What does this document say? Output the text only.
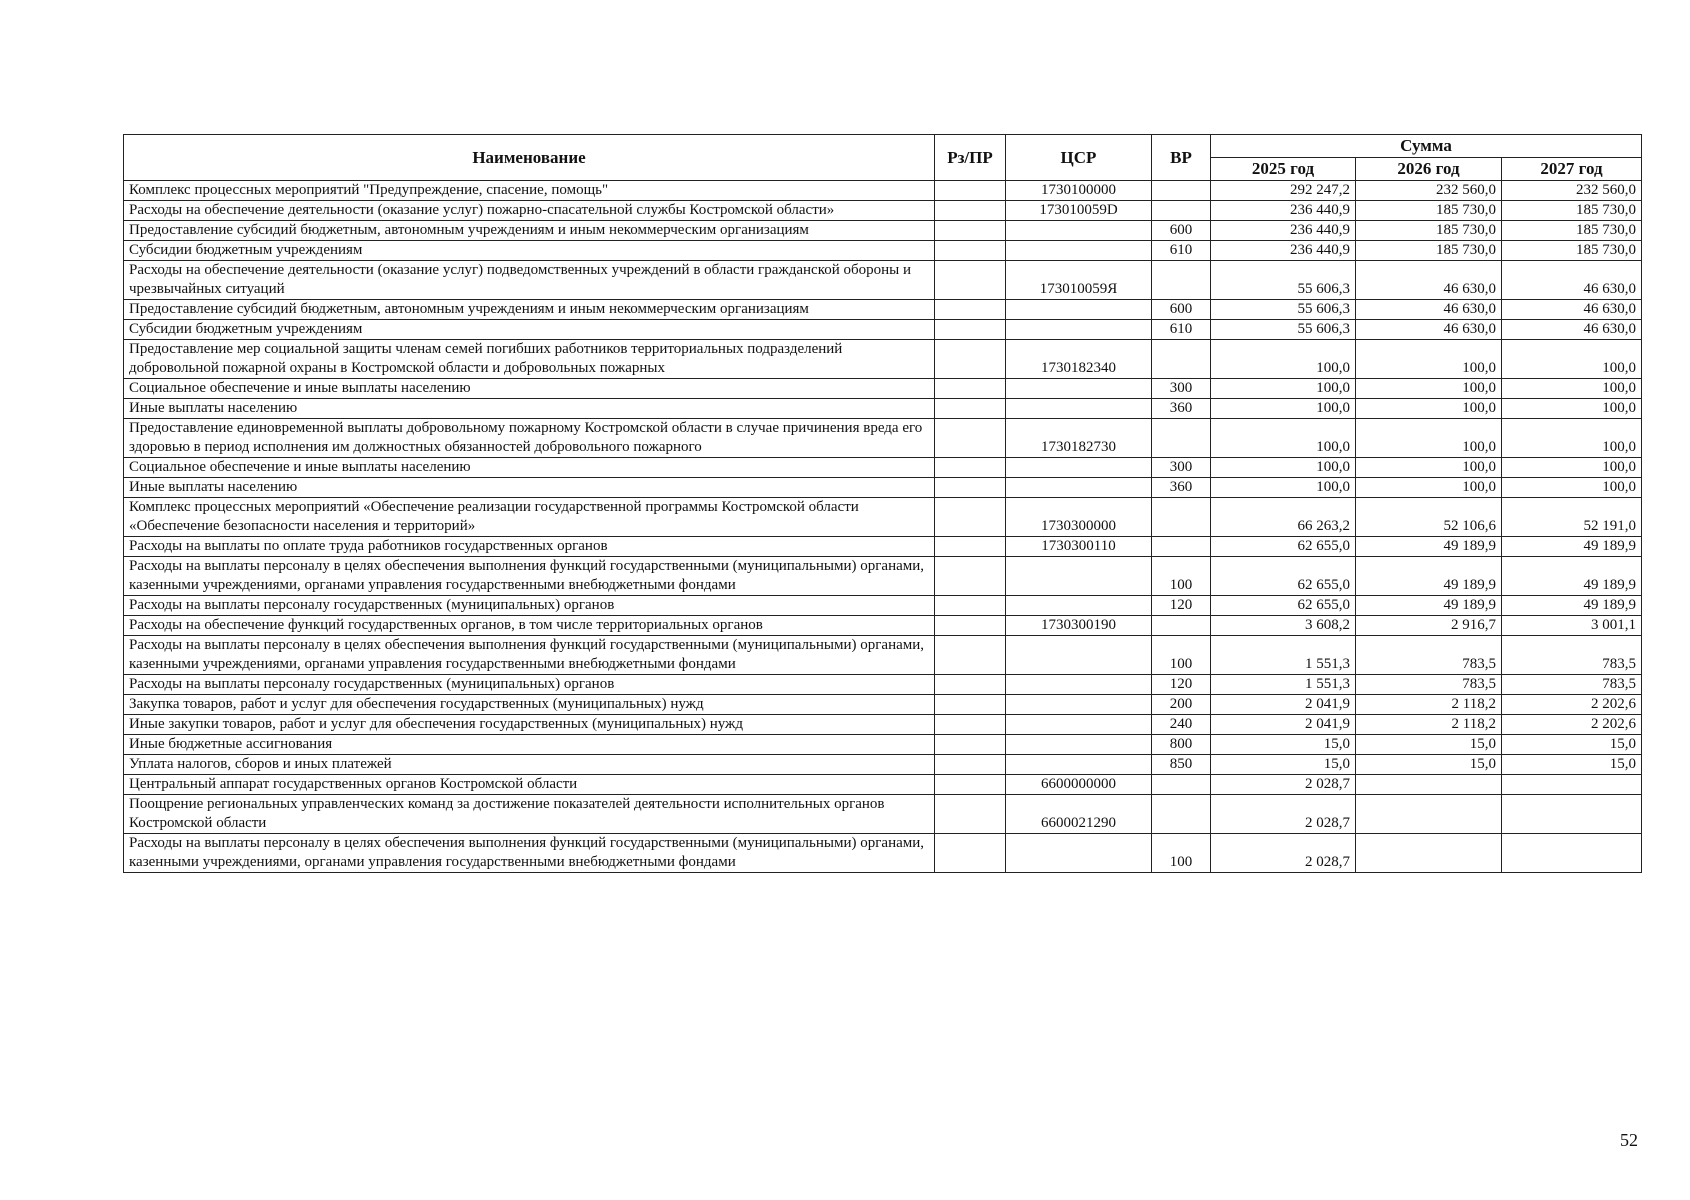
Наименование	Рз/ПР	ЦСР	ВР	Сумма		
				2025 год	2026 год	2027 год
Комплекс процессных мероприятий "Предупреждение, спасение, помощь"		1730100000		292 247,2	232 560,0	232 560,0
Расходы на обеспечение деятельности (оказание услуг) пожарно-спасательной службы Костромской области»		173010059D		236 440,9	185 730,0	185 730,0
Предоставление субсидий бюджетным, автономным учреждениям и иным некоммерческим организациям			600	236 440,9	185 730,0	185 730,0
Субсидии бюджетным учреждениям			610	236 440,9	185 730,0	185 730,0
Расходы на обеспечение деятельности (оказание услуг) подведомственных учреждений в области гражданской обороны и чрезвычайных ситуаций		173010059Я		55 606,3	46 630,0	46 630,0
Предоставление субсидий бюджетным, автономным учреждениям и иным некоммерческим организациям			600	55 606,3	46 630,0	46 630,0
Субсидии бюджетным учреждениям			610	55 606,3	46 630,0	46 630,0
Предоставление мер социальной защиты членам семей погибших работников территориальных подразделений добровольной пожарной охраны в Костромской области и добровольных пожарных		1730182340		100,0	100,0	100,0
Социальное обеспечение и иные выплаты населению			300	100,0	100,0	100,0
Иные выплаты населению			360	100,0	100,0	100,0
Предоставление единовременной выплаты добровольному пожарному Костромской области в случае причинения вреда его здоровью в период исполнения им должностных обязанностей добровольного пожарного		1730182730		100,0	100,0	100,0
Социальное обеспечение и иные выплаты населению			300	100,0	100,0	100,0
Иные выплаты населению			360	100,0	100,0	100,0
Комплекс процессных мероприятий «Обеспечение реализации государственной программы Костромской области «Обеспечение безопасности населения и территорий»		1730300000		66 263,2	52 106,6	52 191,0
Расходы на выплаты по оплате труда работников государственных органов		1730300110		62 655,0	49 189,9	49 189,9
Расходы на выплаты персоналу в целях обеспечения выполнения функций государственными (муниципальными) органами, казенными учреждениями, органами управления государственными внебюджетными фондами			100	62 655,0	49 189,9	49 189,9
Расходы на выплаты персоналу государственных (муниципальных) органов			120	62 655,0	49 189,9	49 189,9
Расходы на обеспечение функций государственных органов, в том числе территориальных органов		1730300190		3 608,2	2 916,7	3 001,1
Расходы на выплаты персоналу в целях обеспечения выполнения функций государственными (муниципальными) органами, казенными учреждениями, органами управления государственными внебюджетными фондами			100	1 551,3	783,5	783,5
Расходы на выплаты персоналу государственных (муниципальных) органов			120	1 551,3	783,5	783,5
Закупка товаров, работ и услуг для обеспечения государственных (муниципальных) нужд			200	2 041,9	2 118,2	2 202,6
Иные закупки товаров, работ и услуг для обеспечения государственных (муниципальных) нужд			240	2 041,9	2 118,2	2 202,6
Иные бюджетные ассигнования			800	15,0	15,0	15,0
Уплата налогов, сборов и иных платежей			850	15,0	15,0	15,0
Центральный аппарат государственных органов Костромской области		6600000000		2 028,7		
Поощрение региональных управленческих команд за достижение показателей деятельности исполнительных органов Костромской области		6600021290		2 028,7		
Расходы на выплаты персоналу в целях обеспечения выполнения функций государственными (муниципальными) органами, казенными учреждениями, органами управления государственными внебюджетными фондами			100	2 028,7		
52
